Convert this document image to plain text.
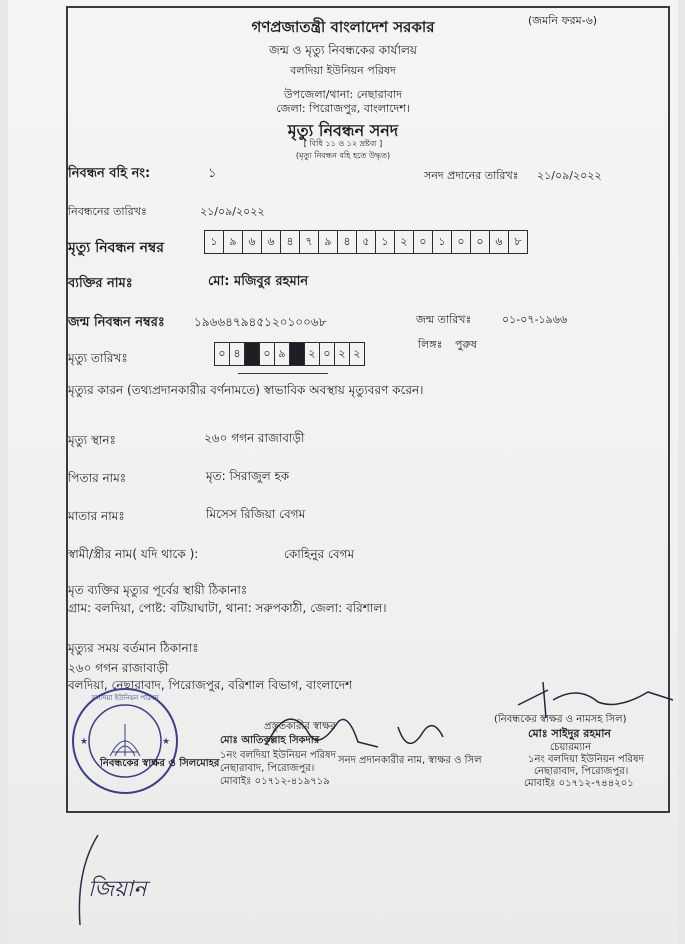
(জমনি ফরম-৬)
গণপ্রজাতন্ত্রী বাংলাদেশ সরকার
জন্ম ও মৃত্যু নিবন্ধকের কার্যালয়
বলদিয়া ইউনিয়ন পরিষদ
উপজেলা/থানা: নেছারাবাদ
জেলা: পিরোজপুর, বাংলাদেশ।
মৃত্যু নিবন্ধন সনদ
[ বিধি ১১ ও ১২ দ্রষ্টব্য ]
(মৃত্যু নিবন্ধন বহি হতে উদ্ধৃত)
নিবন্ধন বহি নং:	১	সনদ প্রদানের তারিখঃ ২১/০৯/২০২২
নিবন্ধনের তারিখঃ	২১/০৯/২০২২
মৃত্যু নিবন্ধন নম্বর	১	৯	৬	৬	৪	৭	৯	৪	৫	১	২	০	১	০	০	৬	৮
ব্যক্তির নামঃ	মো: মজিবুর রহমান
জন্ম নিবন্ধন নম্বরঃ ১৯৬৬৪৭৯৪৫১২০১০০৬৮	জন্ম তারিখঃ	০১-০৭-১৯৬৬
লিঙ্গঃ পুরুষ
মৃত্যু তারিখঃ	০ ৪	০ ৯	২ ০ ২ ২
মৃত্যুর কারন (তথ্যপ্রদানকারীর বর্ণনামতে) স্বাভাবিক অবস্থায় মৃত্যুবরণ করেন।
মৃত্যু স্থানঃ	২৬০ গগন রাজাবাড়ী
পিতার নামঃ	মৃত: সিরাজুল হক
মাতার নামঃ	মিসেস রিজিয়া বেগম
স্বামী/স্ত্রীর নাম( যদি থাকে ):	কোহিনুর বেগম
মৃত ব্যক্তির মৃত্যুর পূর্বের স্থায়ী ঠিকানাঃ
গ্রাম: বলদিয়া, পোষ্ট: বটিয়াঘাটা, থানা: সরুপকাঠী, জেলা: বরিশাল।
মৃত্যুর সময় বর্তমান ঠিকানাঃ
২৬০ গগন রাজাবাড়ী
বলদিয়া, নেছারাবাদ, পিরোজপুর, বরিশাল বিভাগ, বাংলাদেশ
বলদিয়া ইউনিয়ন পরিষদ
★	★
প্রস্তুতকারীর স্বাক্ষর
মোঃ আতিকুল্লাহ সিকদার
নিবন্ধকের স্বাক্ষর ও সিলমোহর
১নং বলদিয়া ইউনিয়ন পরিষদ
নেছারাবাদ, পিরোজপুর।
মোবাইঃ ০১৭১২-৪১৯৭১৯
সনদ প্রদানকারীর নাম, স্বাক্ষর ও সিল
(নিবন্ধকের স্বাক্ষর ও নামসহ সিল)
মোঃ সাইদুর রহমান
চেয়ারম্যান
১নং বলদিয়া ইউনিয়ন পরিষদ
নেছারাবাদ, পিরোজপুর।
মোবাইঃ ০১৭১২-৭৪৪২০১
জিয়ান
